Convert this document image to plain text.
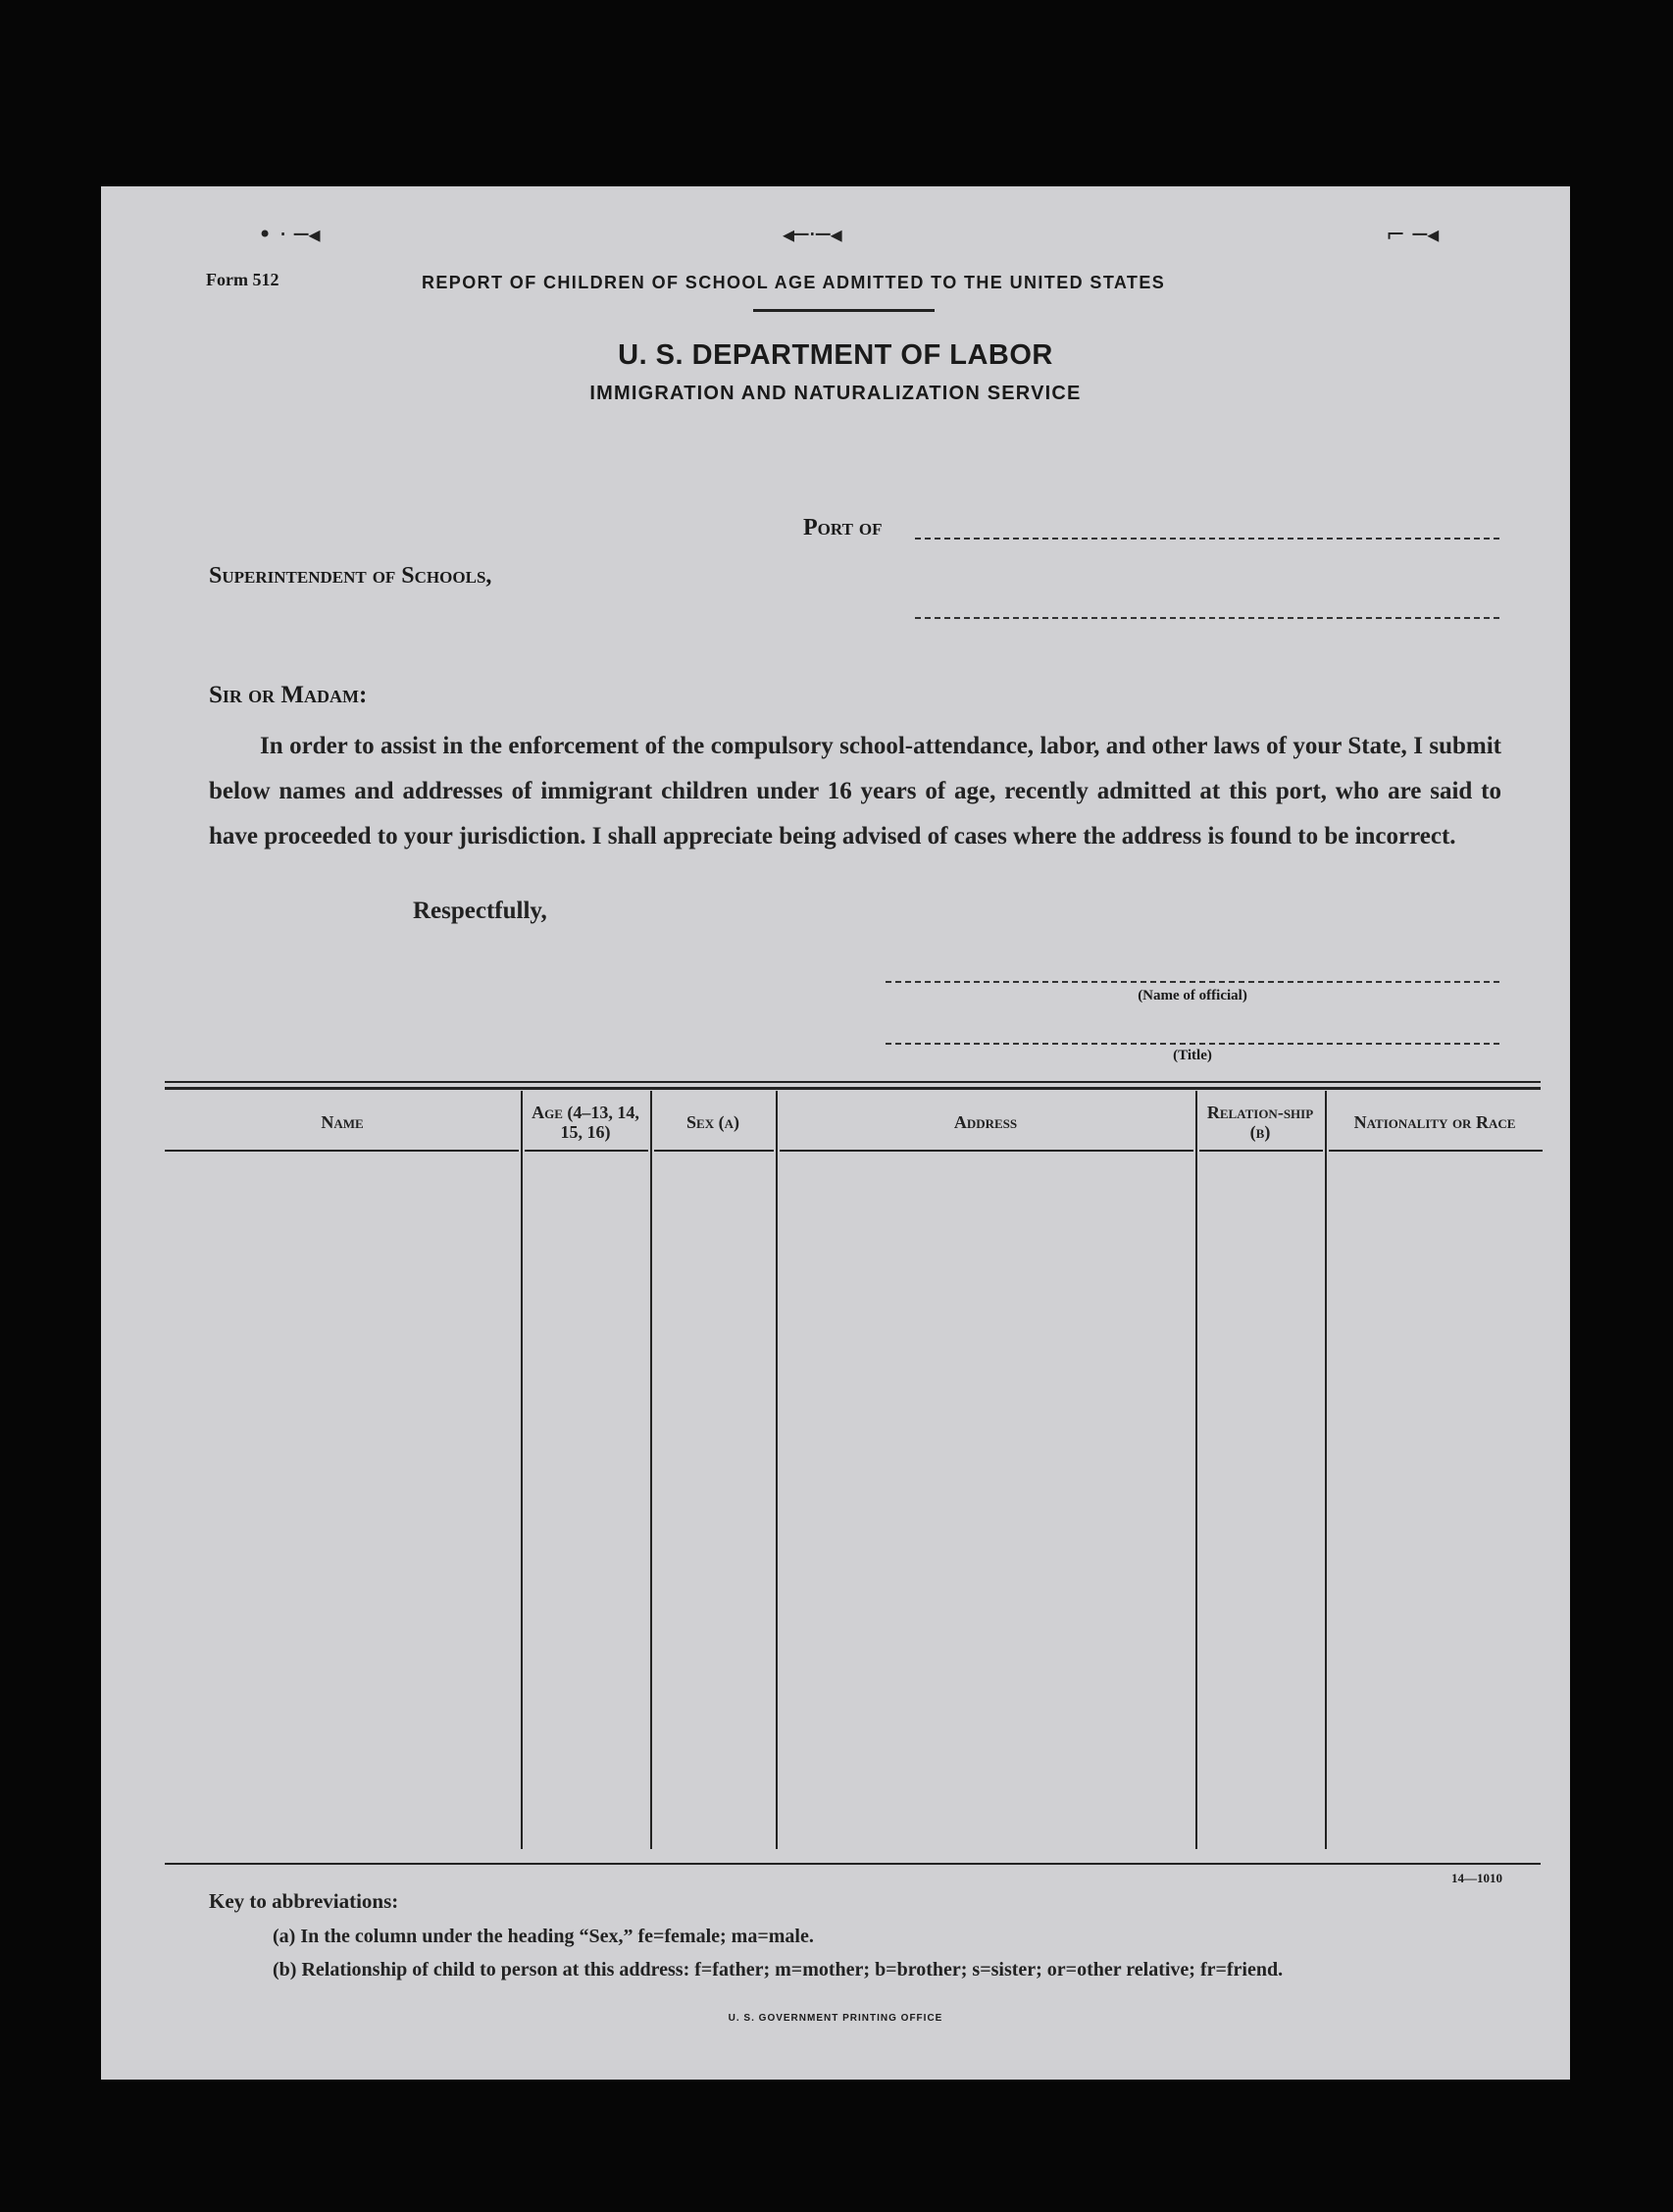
• · ─◂	◂─·─◂	⌐ ─◂
Form 512	REPORT OF CHILDREN OF SCHOOL AGE ADMITTED TO THE UNITED STATES
U. S. DEPARTMENT OF LABOR
IMMIGRATION AND NATURALIZATION SERVICE
Port of
Superintendent of Schools,
Sir or Madam:

In order to assist in the enforcement of the compulsory school-attendance, labor, and other laws of your State, I submit below names and addresses of immigrant children under 16 years of age, recently admitted at this port, who are said to have proceeded to your jurisdiction. I shall appreciate being advised of cases where the address is found to be incorrect.

Respectfully,
(Name of official)
(Title)
Name	Age (4–13, 14, 15, 16)	Sex (a)	Address	Relation-ship (b)	Nationality or Race
14—1010
Key to abbreviations:
(a) In the column under the heading “Sex,” fe=female; ma=male.
(b) Relationship of child to person at this address: f=father; m=mother; b=brother; s=sister; or=other relative; fr=friend.
U. S. GOVERNMENT PRINTING OFFICE
